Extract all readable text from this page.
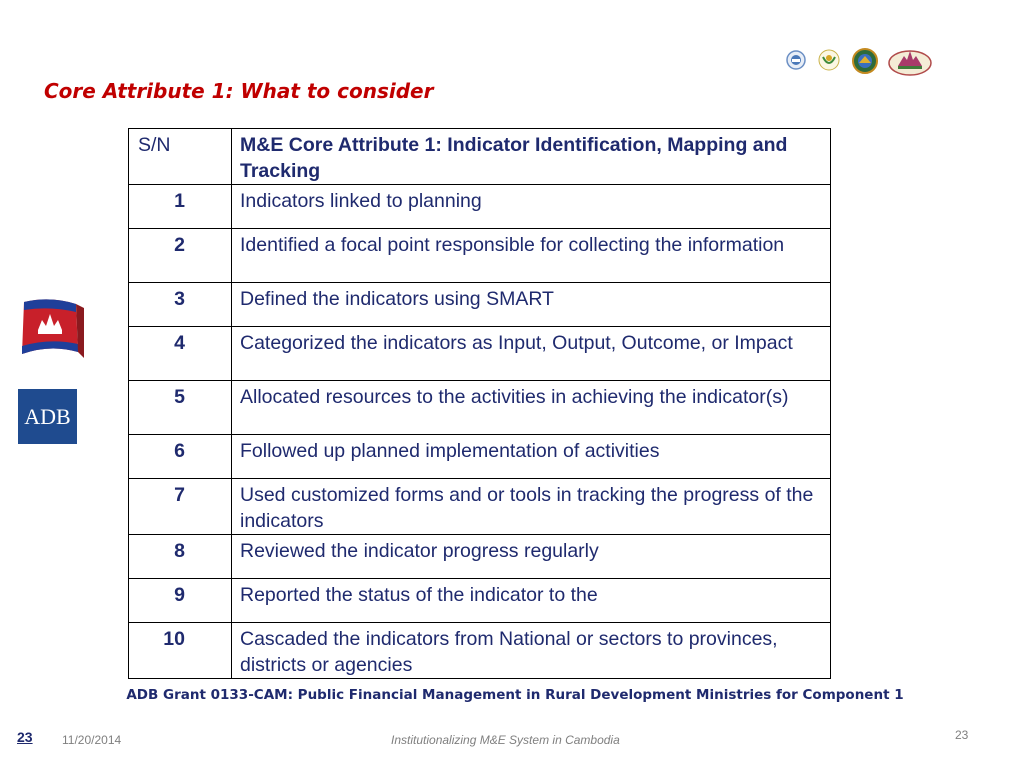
Core Attribute 1: What to consider
ADB
S/N	M&E Core Attribute 1: Indicator Identification, Mapping and Tracking
1	Indicators linked to planning
2	Identified a focal point responsible for collecting the information
3	Defined the indicators using SMART
4	Categorized the indicators as Input, Output, Outcome, or Impact
5	Allocated resources to the activities in achieving the indicator(s)
6	Followed up planned implementation of activities
7	Used customized forms and or tools in tracking the progress of the indicators
8	Reviewed the indicator progress regularly
9	Reported the status of the indicator to the
10	Cascaded the indicators from National or sectors to provinces, districts or agencies
ADB Grant 0133-CAM: Public Financial Management in Rural Development Ministries for Component 1
23 11/20/2014	Institutionalizing M&E System in Cambodia	23
